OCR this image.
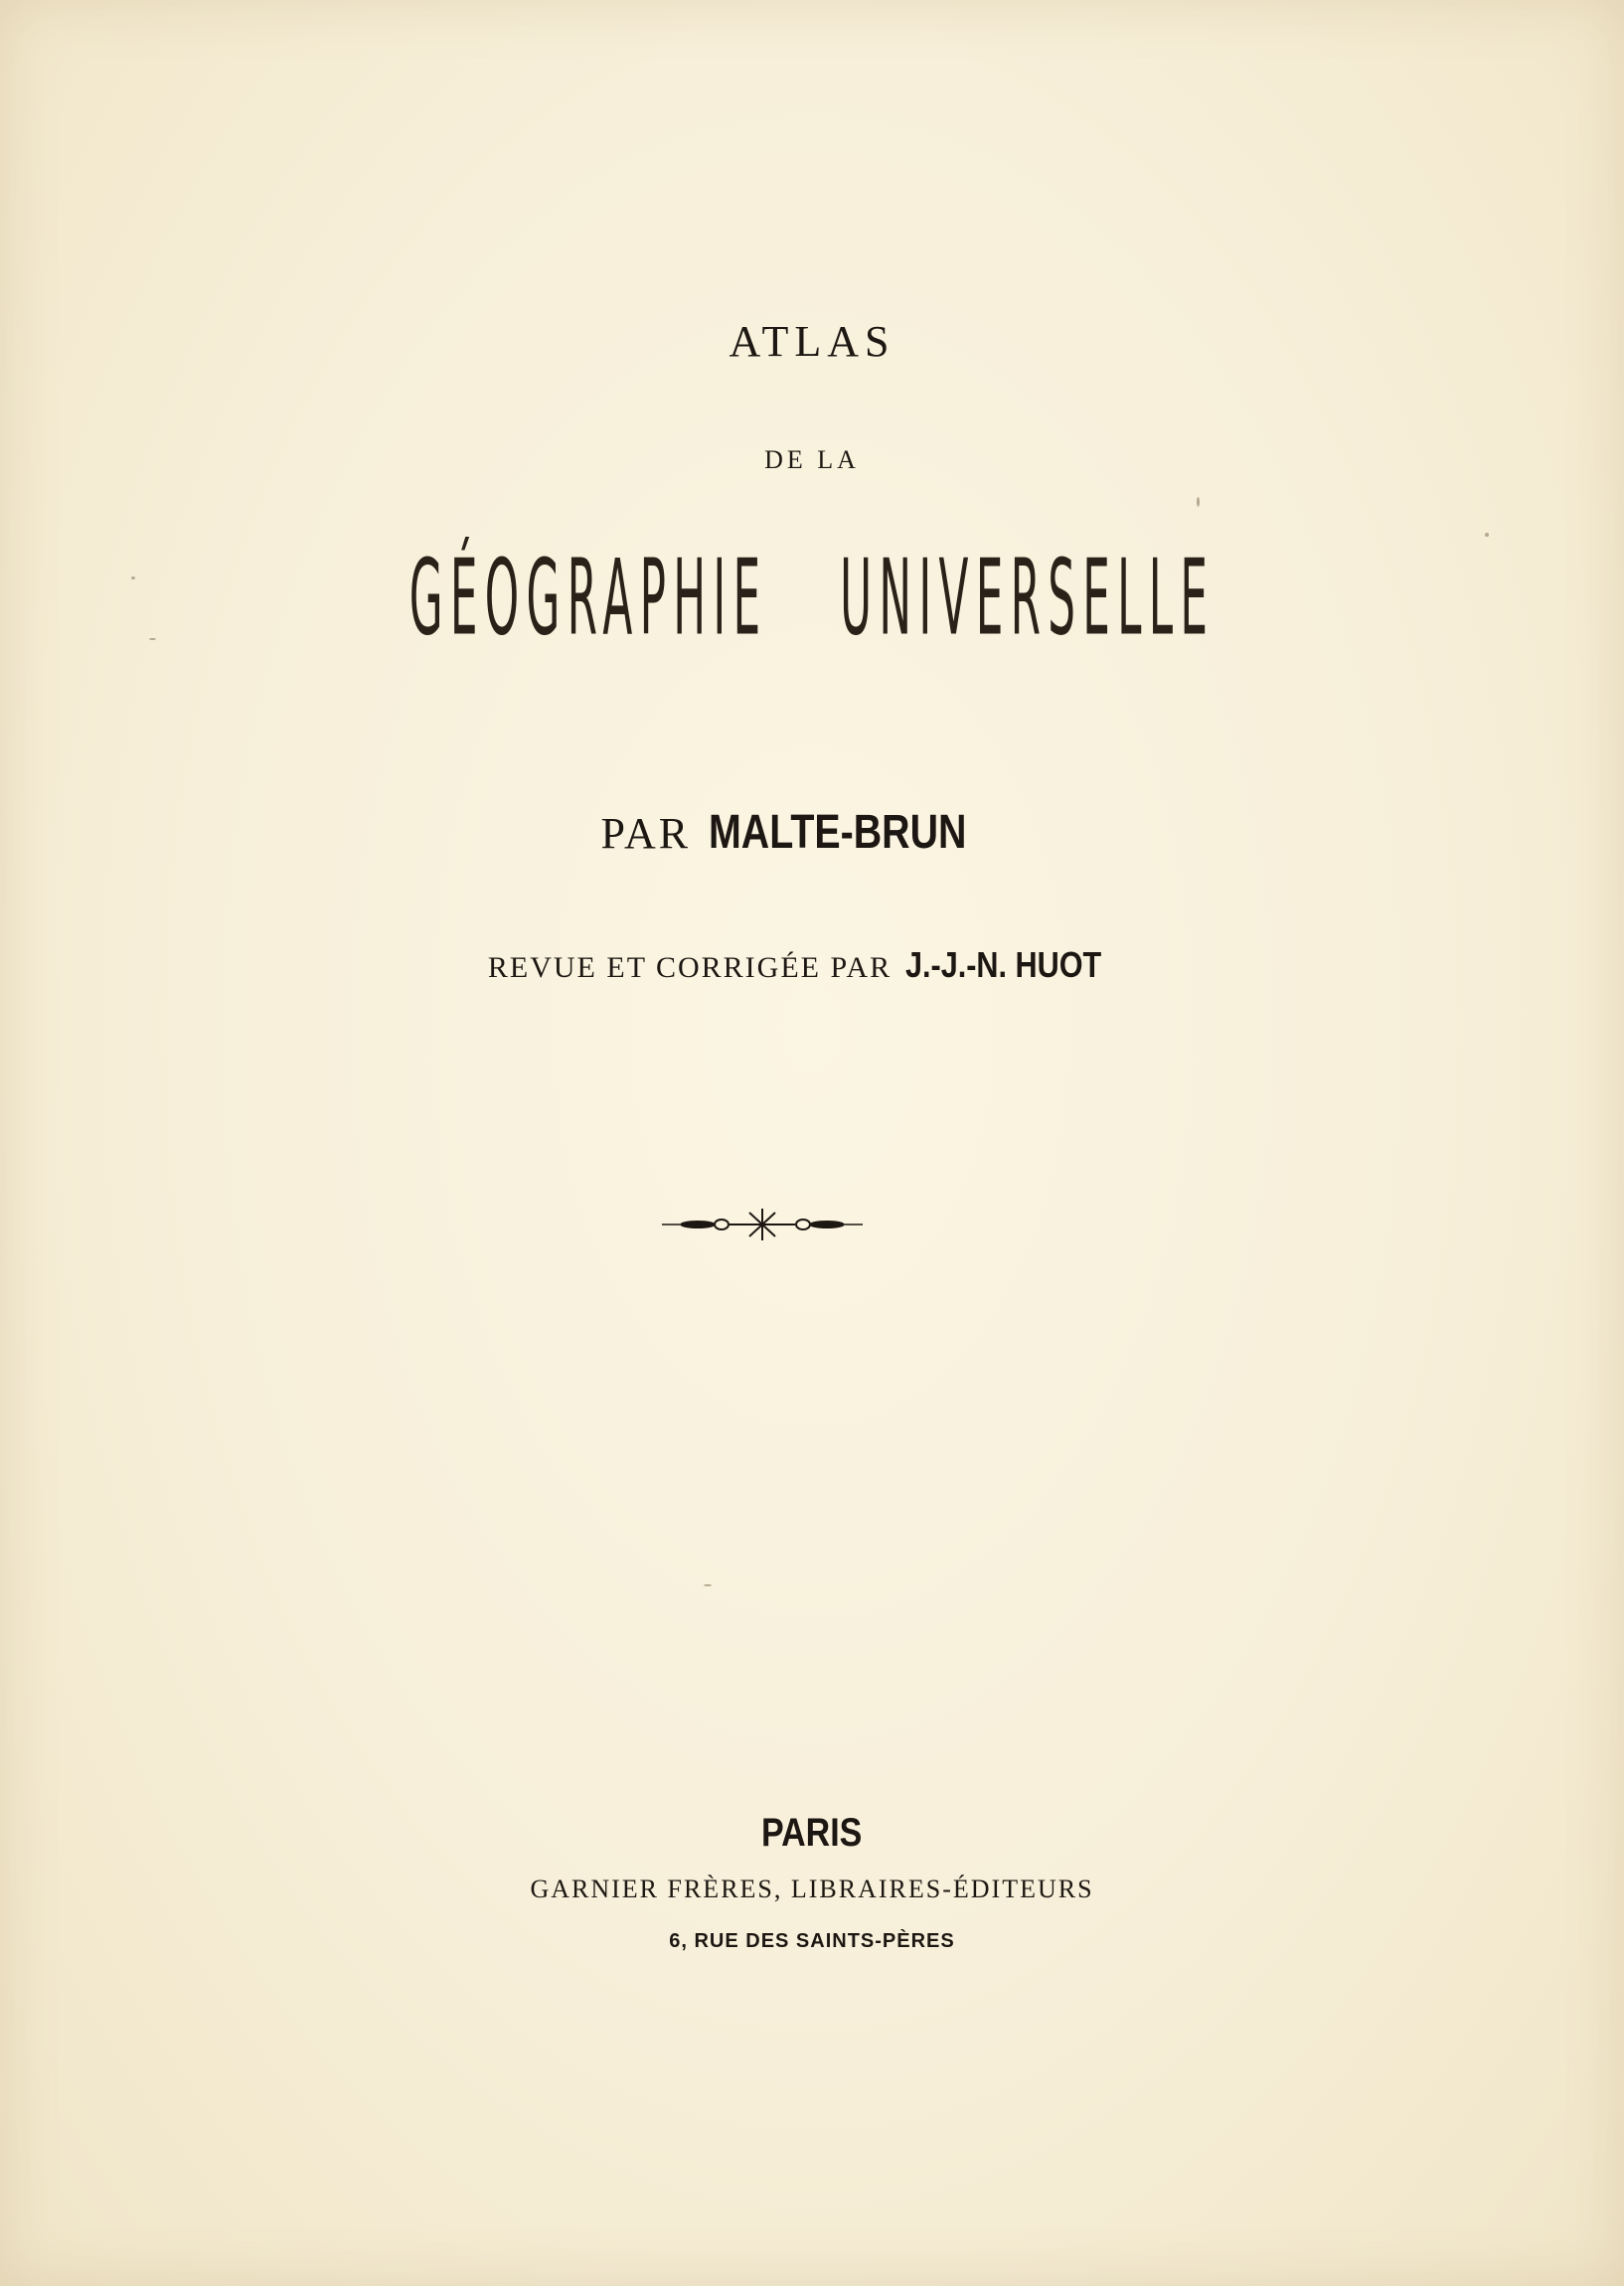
ATLAS
DE LA
GÉOGRAPHIE UNIVERSELLE
PAR MALTE-BRUN
REVUE ET CORRIGÉE PAR J.-J.-N. HUOT
PARIS
GARNIER FRÈRES, LIBRAIRES-ÉDITEURS
6, RUE DES SAINTS-PÈRES
